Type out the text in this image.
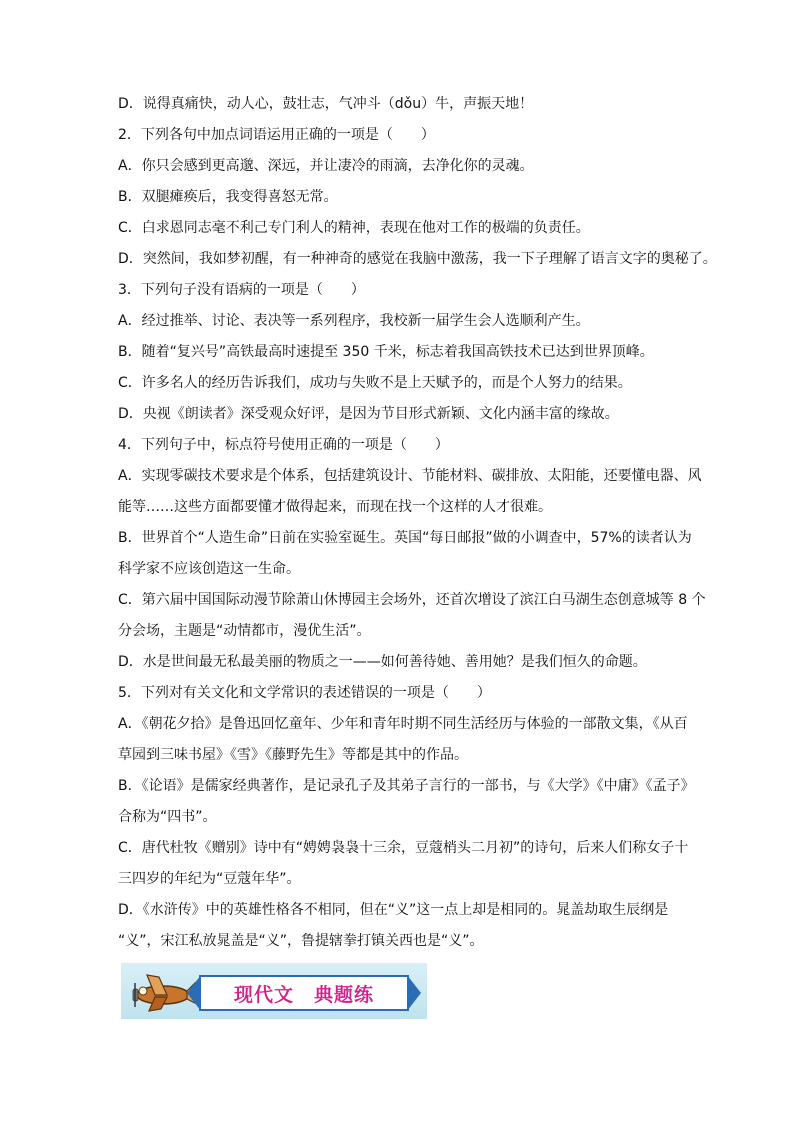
D．说得真痛快，动人心，鼓壮志，气冲斗（dǒu）牛，声振天地！
2．下列各句中加点词语运用正确的一项是（　　）
A．你只会感到更高邈、深远，并让凄冷的雨滴，去净化你的灵魂。
B．双腿瘫痪后，我变得喜怒无常。
C．白求恩同志毫不利己专门利人的精神，表现在他对工作的极端的负责任。
D．突然间，我如梦初醒，有一种神奇的感觉在我脑中激荡，我一下子理解了语言文字的奥秘了。
3．下列句子没有语病的一项是（　　）
A．经过推举、讨论、表决等一系列程序，我校新一届学生会人选顺利产生。
B．随着“复兴号”高铁最高时速提至 350 千米，标志着我国高铁技术已达到世界顶峰。
C．许多名人的经历告诉我们，成功与失败不是上天赋予的，而是个人努力的结果。
D．央视《朗读者》深受观众好评，是因为节目形式新颖、文化内涵丰富的缘故。
4．下列句子中，标点符号使用正确的一项是（　　）
A．实现零碳技术要求是个体系，包括建筑设计、节能材料、碳排放、太阳能，还要懂电器、风
能等……这些方面都要懂才做得起来，而现在找一个这样的人才很难。
B．世界首个“人造生命”日前在实验室诞生。英国“每日邮报”做的小调查中，57%的读者认为
科学家不应该创造这一生命。
C．第六届中国国际动漫节除萧山休博园主会场外，还首次增设了滨江白马湖生态创意城等 8 个
分会场，主题是“动情都市，漫优生活”。
D．水是世间最无私最美丽的物质之一——如何善待她、善用她？是我们恒久的命题。
5．下列对有关文化和文学常识的表述错误的一项是（　　）
A．《朝花夕拾》是鲁迅回忆童年、少年和青年时期不同生活经历与体验的一部散文集，《从百
草园到三味书屋》《雪》《藤野先生》等都是其中的作品。
B．《论语》是儒家经典著作，是记录孔子及其弟子言行的一部书，与《大学》《中庸》《孟子》
合称为“四书”。
C．唐代杜牧《赠别》诗中有“娉娉袅袅十三余，豆蔻梢头二月初”的诗句，后来人们称女子十
三四岁的年纪为“豆蔻年华”。
D．《水浒传》中的英雄性格各不相同，但在“义”这一点上却是相同的。晁盖劫取生辰纲是
“义”，宋江私放晁盖是“义”，鲁提辖拳打镇关西也是“义”。
现代文　典题练
